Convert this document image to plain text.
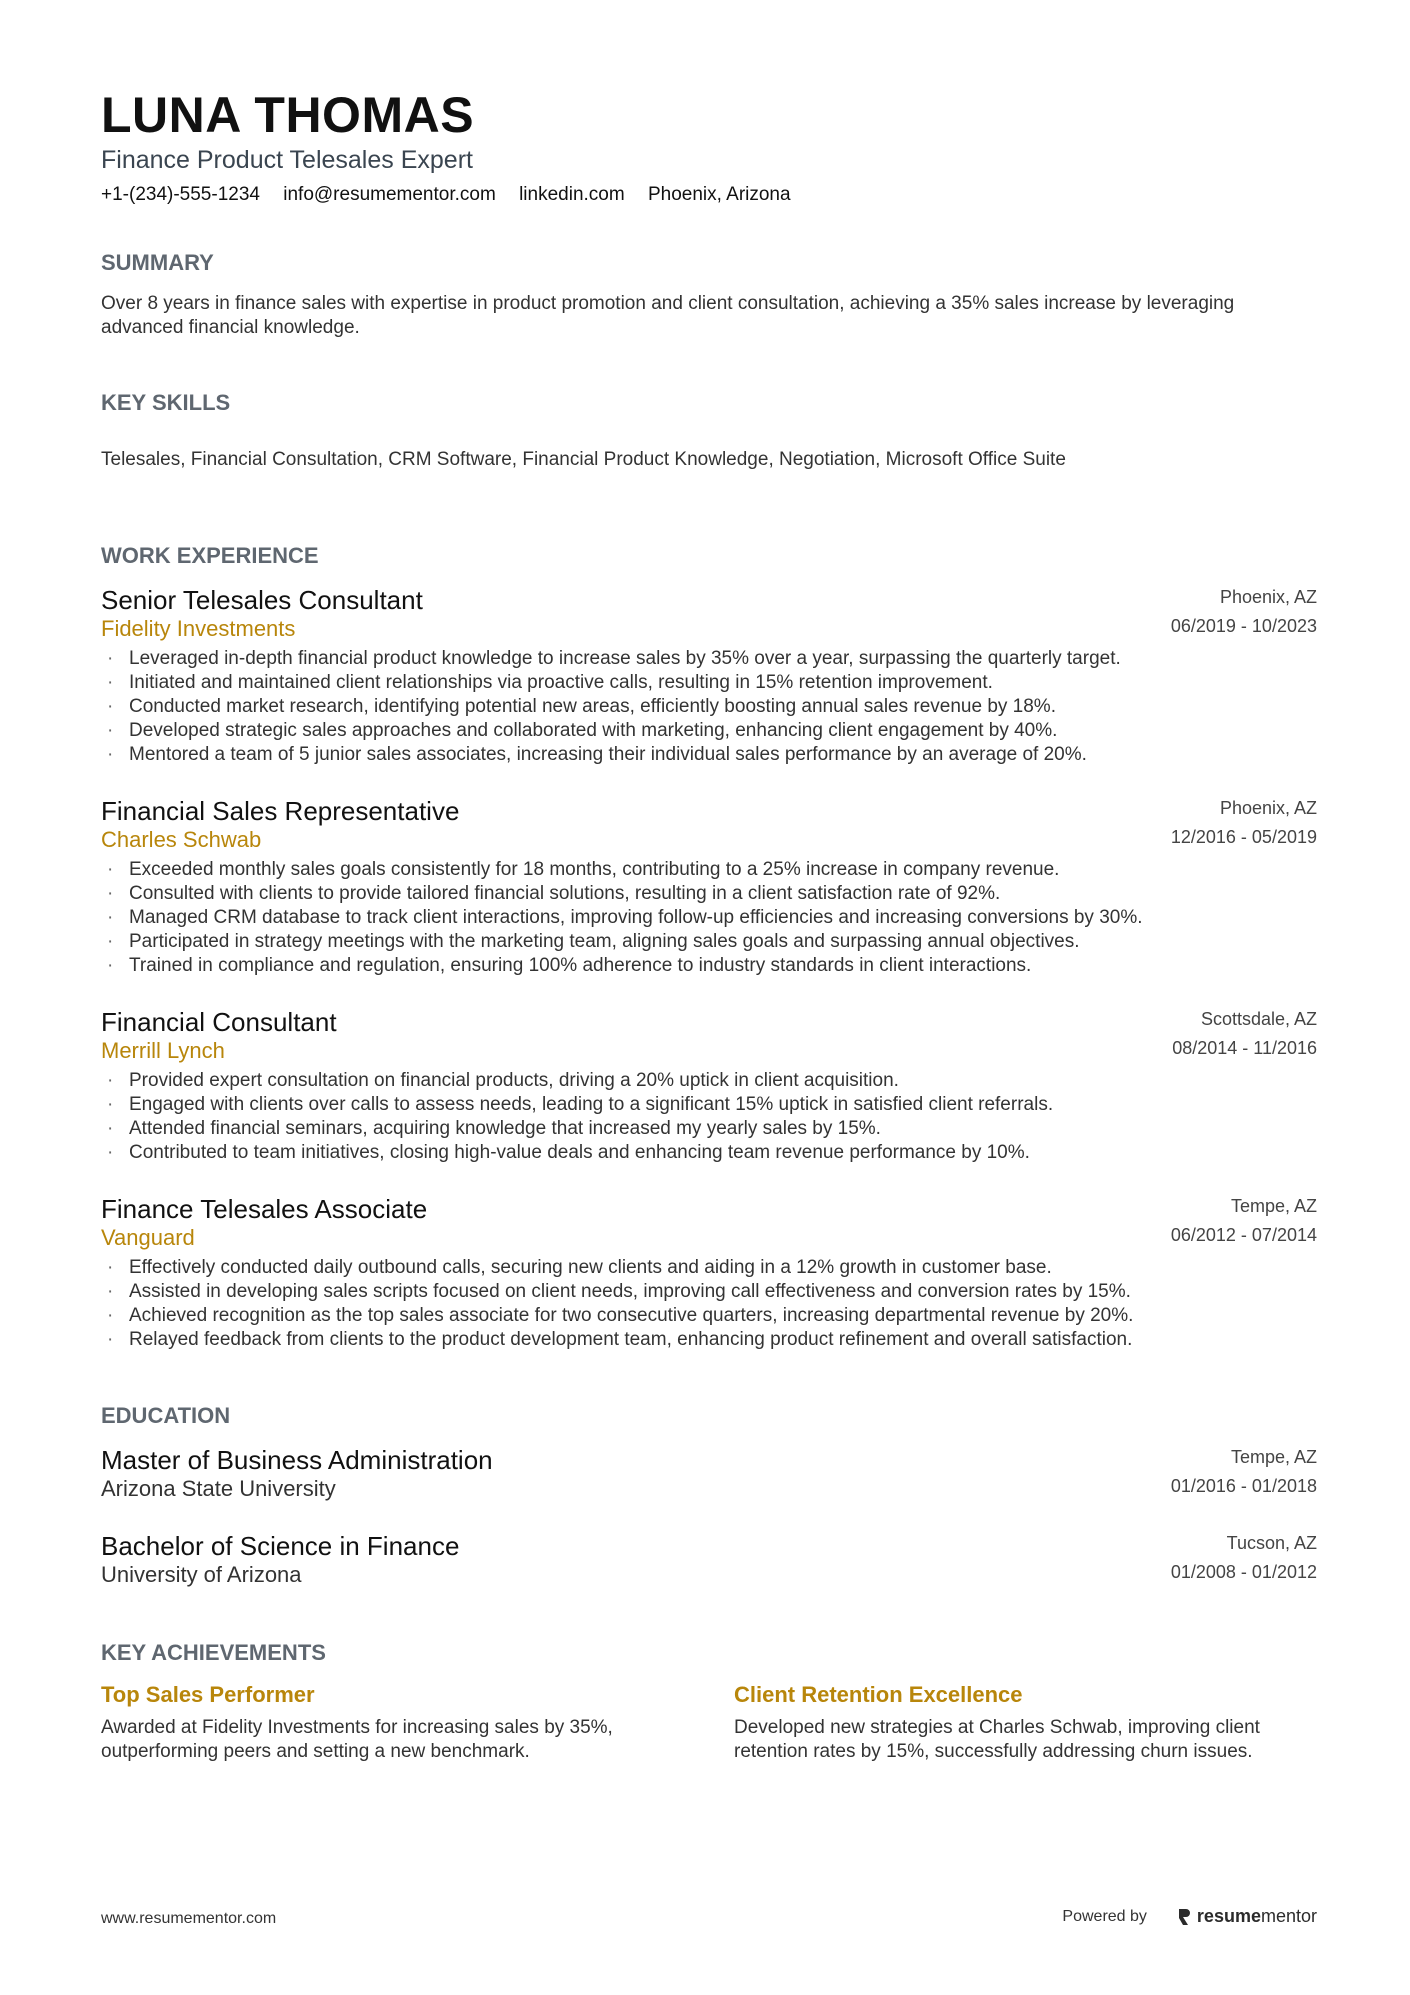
LUNA THOMAS
Finance Product Telesales Expert
+1-(234)-555-1234 info@resumementor.com linkedin.com Phoenix, Arizona
SUMMARY
Over 8 years in finance sales with expertise in product promotion and client consultation, achieving a 35% sales increase by leveraging advanced financial knowledge.
KEY SKILLS
Telesales, Financial Consultation, CRM Software, Financial Product Knowledge, Negotiation, Microsoft Office Suite
WORK EXPERIENCE
Senior Telesales Consultant
Fidelity Investments
Phoenix, AZ
06/2019 - 10/2023
· Leveraged in-depth financial product knowledge to increase sales by 35% over a year, surpassing the quarterly target.
· Initiated and maintained client relationships via proactive calls, resulting in 15% retention improvement.
· Conducted market research, identifying potential new areas, efficiently boosting annual sales revenue by 18%.
· Developed strategic sales approaches and collaborated with marketing, enhancing client engagement by 40%.
· Mentored a team of 5 junior sales associates, increasing their individual sales performance by an average of 20%.
Financial Sales Representative
Charles Schwab
Phoenix, AZ
12/2016 - 05/2019
· Exceeded monthly sales goals consistently for 18 months, contributing to a 25% increase in company revenue.
· Consulted with clients to provide tailored financial solutions, resulting in a client satisfaction rate of 92%.
· Managed CRM database to track client interactions, improving follow-up efficiencies and increasing conversions by 30%.
· Participated in strategy meetings with the marketing team, aligning sales goals and surpassing annual objectives.
· Trained in compliance and regulation, ensuring 100% adherence to industry standards in client interactions.
Financial Consultant
Merrill Lynch
Scottsdale, AZ
08/2014 - 11/2016
· Provided expert consultation on financial products, driving a 20% uptick in client acquisition.
· Engaged with clients over calls to assess needs, leading to a significant 15% uptick in satisfied client referrals.
· Attended financial seminars, acquiring knowledge that increased my yearly sales by 15%.
· Contributed to team initiatives, closing high-value deals and enhancing team revenue performance by 10%.
Finance Telesales Associate
Vanguard
Tempe, AZ
06/2012 - 07/2014
· Effectively conducted daily outbound calls, securing new clients and aiding in a 12% growth in customer base.
· Assisted in developing sales scripts focused on client needs, improving call effectiveness and conversion rates by 15%.
· Achieved recognition as the top sales associate for two consecutive quarters, increasing departmental revenue by 20%.
· Relayed feedback from clients to the product development team, enhancing product refinement and overall satisfaction.
EDUCATION
Master of Business Administration
Arizona State University
Tempe, AZ
01/2016 - 01/2018
Bachelor of Science in Finance
University of Arizona
Tucson, AZ
01/2008 - 01/2012
KEY ACHIEVEMENTS
Top Sales Performer
Awarded at Fidelity Investments for increasing sales by 35%, outperforming peers and setting a new benchmark.
Client Retention Excellence
Developed new strategies at Charles Schwab, improving client retention rates by 15%, successfully addressing churn issues.
www.resumementor.com	Powered by	resume mentor
